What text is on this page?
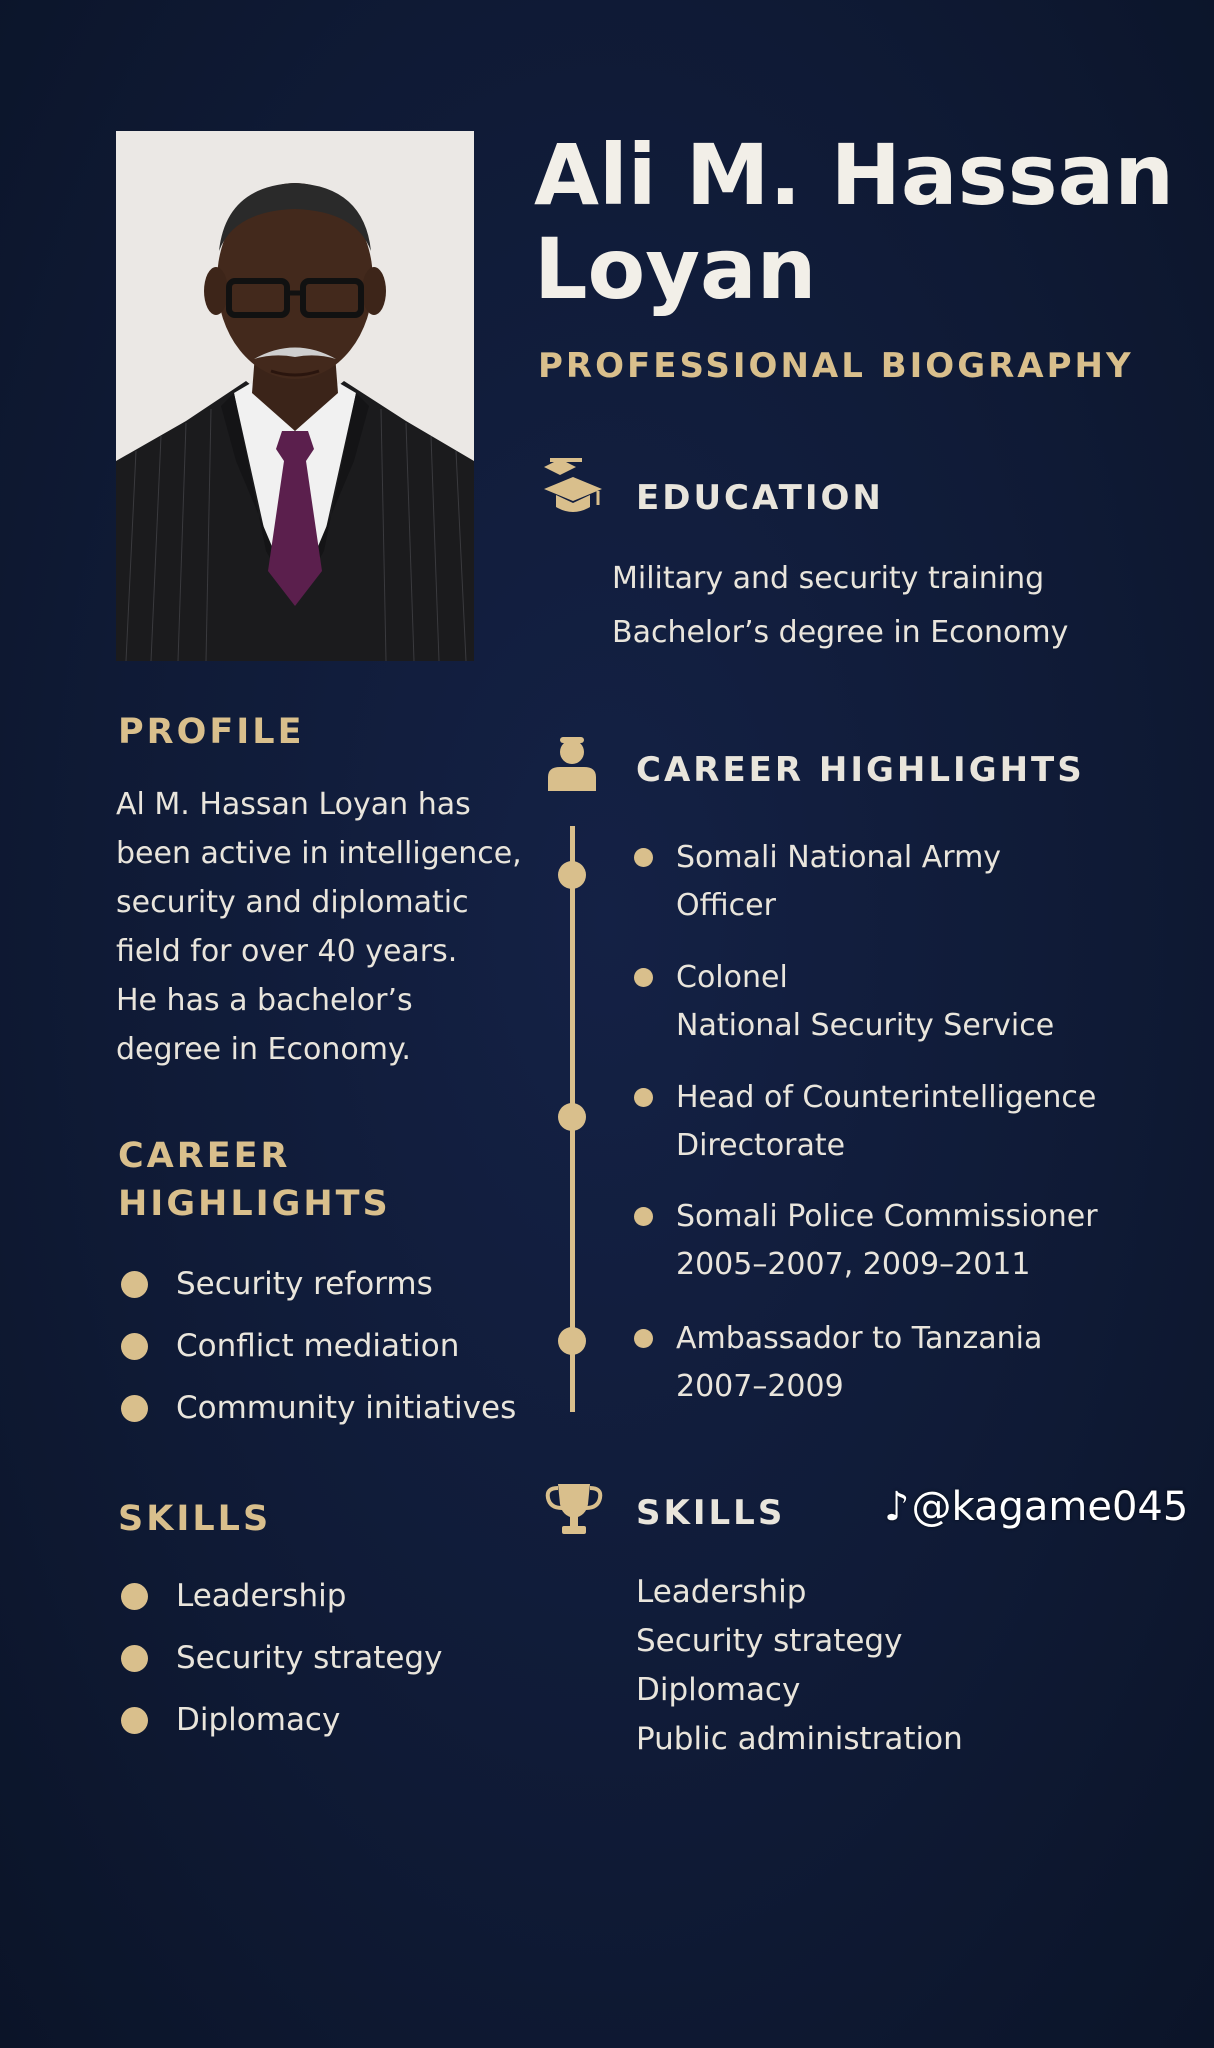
Ali M. Hassan
Loyan
PROFESSIONAL BIOGRAPHY
EDUCATION
Military and security training
Bachelor’s degree in Economy
PROFILE
Al M. Hassan Loyan has
been active in intelligence,
security and diplomatic
field for over 40 years.
He has a bachelor’s
degree in Economy.
CAREER
HIGHLIGHTS
Security reforms
Conflict mediation
Community initiatives
SKILLS
Leadership
Security strategy
Diplomacy
CAREER HIGHLIGHTS
Somali National Army
Officer
Colonel
National Security Service
Head of Counterintelligence
Directorate
Somali Police Commissioner
2005–2007, 2009–2011
Ambassador to Tanzania
2007–2009
SKILLS
Leadership
Security strategy
Diplomacy
Public administration
♪@kagame045
